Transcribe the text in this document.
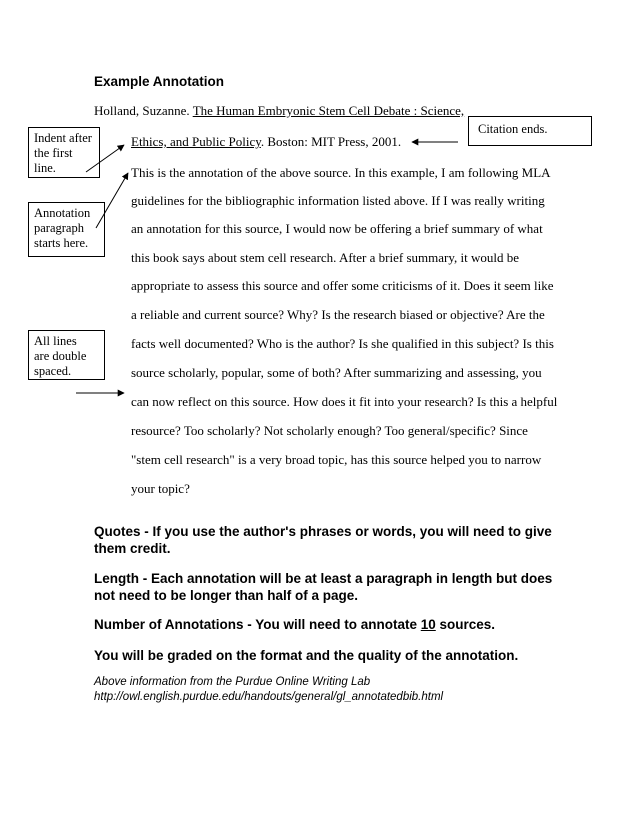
Example Annotation
Holland, Suzanne. The Human Embryonic Stem Cell Debate : Science,
Ethics, and Public Policy. Boston: MIT Press, 2001.
This is the annotation of the above source. In this example, I am following MLA
guidelines for the bibliographic information listed above. If I was really writing
an annotation for this source, I would now be offering a brief summary of what
this book says about stem cell research. After a brief summary, it would be
appropriate to assess this source and offer some criticisms of it. Does it seem like
a reliable and current source? Why? Is the research biased or objective? Are the
facts well documented? Who is the author? Is she qualified in this subject? Is this
source scholarly, popular, some of both? After summarizing and assessing, you
can now reflect on this source. How does it fit into your research? Is this a helpful
resource? Too scholarly? Not scholarly enough? Too general/specific? Since
"stem cell research" is a very broad topic, has this source helped you to narrow
your topic?
Citation ends.
Indent after
the first
line.
Annotation
paragraph
starts here.
All lines
are double
spaced.
Quotes - If you use the author's phrases or words, you will need to give them credit.
Length - Each annotation will be at least a paragraph in length but does not need to be longer than half of a page.
Number of Annotations - You will need to annotate 10 sources.
You will be graded on the format and the quality of the annotation.
Above information from the Purdue Online Writing Lab
http://owl.english.purdue.edu/handouts/general/gl_annotatedbib.html
